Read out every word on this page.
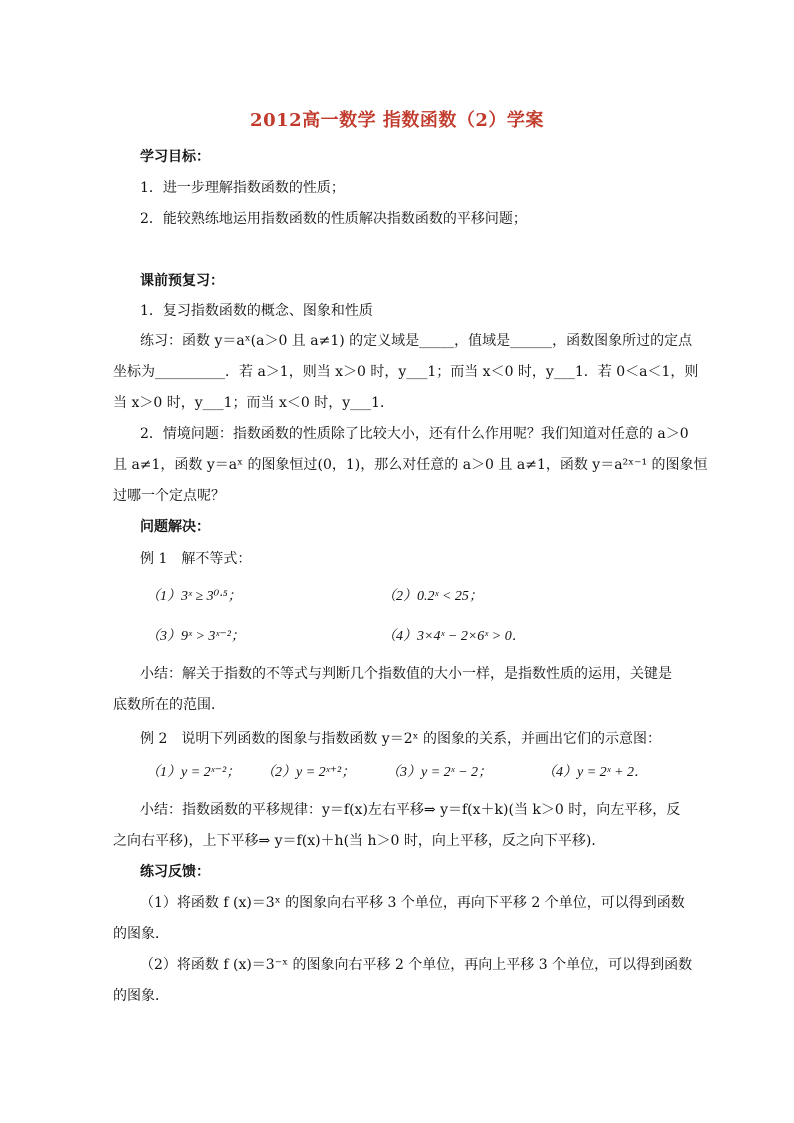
2012高一数学 指数函数（2）学案
学习目标：
1．进一步理解指数函数的性质；
2．能较熟练地运用指数函数的性质解决指数函数的平移问题；
课前预复习：
1．复习指数函数的概念、图象和性质
练习：函数 y＝aˣ(a＞0 且 a≠1) 的定义域是_____，值域是______，函数图象所过的定点
坐标为__________．若 a＞1，则当 x＞0 时，y___1；而当 x＜0 时，y___1．若 0＜a＜1，则
当 x＞0 时，y___1；而当 x＜0 时，y___1．
2．情境问题：指数函数的性质除了比较大小，还有什么作用呢？我们知道对任意的 a＞0
且 a≠1，函数 y＝aˣ 的图象恒过(0，1)，那么对任意的 a＞0 且 a≠1，函数 y＝a²ˣ⁻¹ 的图象恒
过哪一个定点呢？
问题解决：
例 1　解不等式：
（1）3ˣ ≥ 3⁰·⁵；	（2）0.2ˣ < 25；
（3）9ˣ > 3ˣ⁻²；	（4）3×4ˣ − 2×6ˣ > 0．
小结：解关于指数的不等式与判断几个指数值的大小一样，是指数性质的运用，关键是
底数所在的范围．
例 2　说明下列函数的图象与指数函数 y＝2ˣ 的图象的关系，并画出它们的示意图：
（1）y = 2ˣ⁻²； （2）y = 2ˣ⁺²； （3）y = 2ˣ − 2；	（4）y = 2ˣ + 2．
小结：指数函数的平移规律：y＝f(x)左右平移⇒ y＝f(x＋k)(当 k＞0 时，向左平移，反
之向右平移)，上下平移⇒ y＝f(x)＋h(当 h＞0 时，向上平移，反之向下平移)．
练习反馈：
（1）将函数 f (x)＝3ˣ 的图象向右平移 3 个单位，再向下平移 2 个单位，可以得到函数
的图象．
（2）将函数 f (x)＝3⁻ˣ 的图象向右平移 2 个单位，再向上平移 3 个单位，可以得到函数
的图象．
